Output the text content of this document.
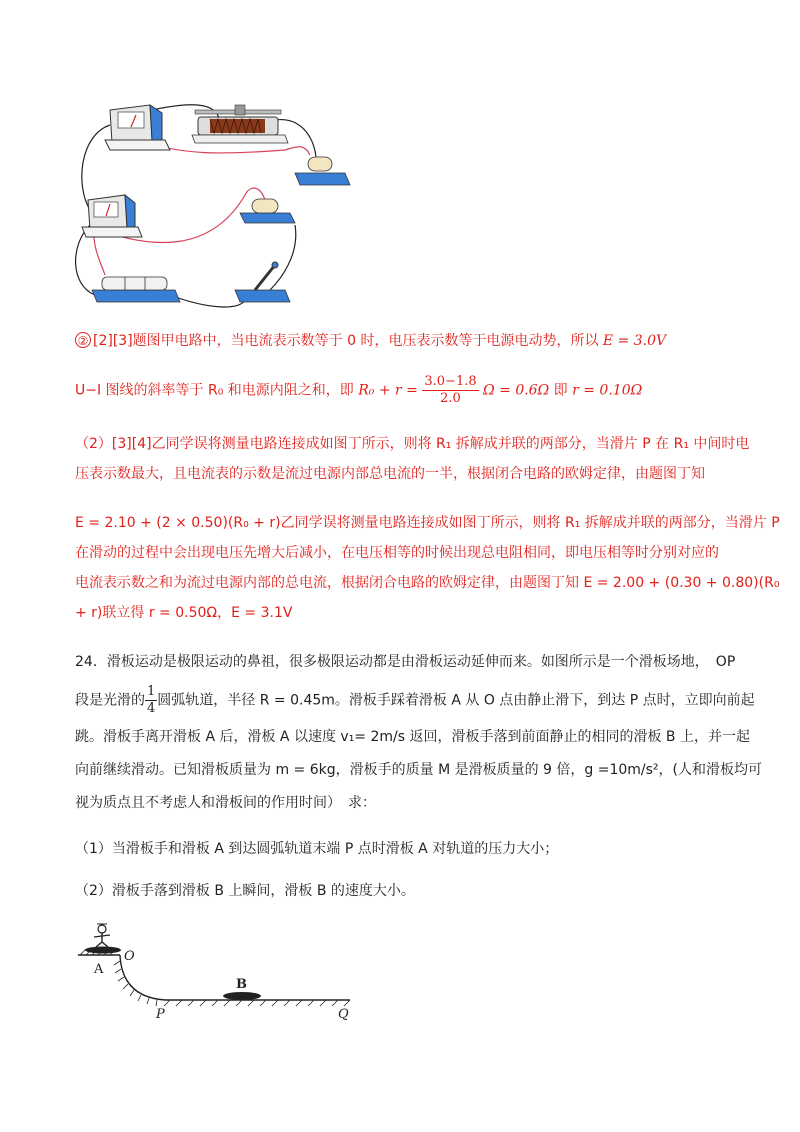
② [2][3]题图甲电路中，当电流表示数等于 0 时，电压表示数等于电源电动势，所以 E = 3.0V
U−I 图线的斜率等于 R₀ 和电源内阻之和，即 $R_0 + r = \frac{3.0-1.8}{2.0}$ Ω = 0.6Ω 即 r = 0.10Ω
（2）[3][4]乙同学误将测量电路连接成如图丁所示，则将 R₁ 拆解成并联的两部分，当滑片 P 在 R₁ 中间时电
压表示数最大，且电流表的示数是流过电源内部总电流的一半，根据闭合电路的欧姆定律，由题图丁知
E = 2.10 + (2 × 0.50)(R₀ + r)乙同学误将测量电路连接成如图丁所示，则将 R₁ 拆解成并联的两部分，当滑片 P
在滑动的过程中会出现电压先增大后减小，在电压相等的时候出现总电阻相同，即电压相等时分别对应的
电流表示数之和为流过电源内部的总电流，根据闭合电路的欧姆定律，由题图丁知 E = 2.00 + (0.30 + 0.80)(R₀
+ r)联立得 r = 0.50Ω，E = 3.1V
24．滑板运动是极限运动的鼻祖，很多极限运动都是由滑板运动延伸而来。如图所示是一个滑板场地，　OP
段是光滑的 $\frac{1}{4}$ 圆弧轨道，半径 R = 0.45m。滑板手踩着滑板 A 从 O 点由静止滑下，到达 P 点时，立即向前起
跳。滑板手离开滑板 A 后，滑板 A 以速度 v₁= 2m/s 返回，滑板手落到前面静止的相同的滑板 B 上，并一起
向前继续滑动。已知滑板质量为 m = 6kg，滑板手的质量 M 是滑板质量的 9 倍，g =10m/s²，(人和滑板均可
视为质点且不考虑人和滑板间的作用时间）　求：
（1）当滑板手和滑板 A 到达圆弧轨道末端 P 点时滑板 A 对轨道的压力大小；
（2）滑板手落到滑板 B 上瞬间，滑板 B 的速度大小。
A
O
B
P	Q
